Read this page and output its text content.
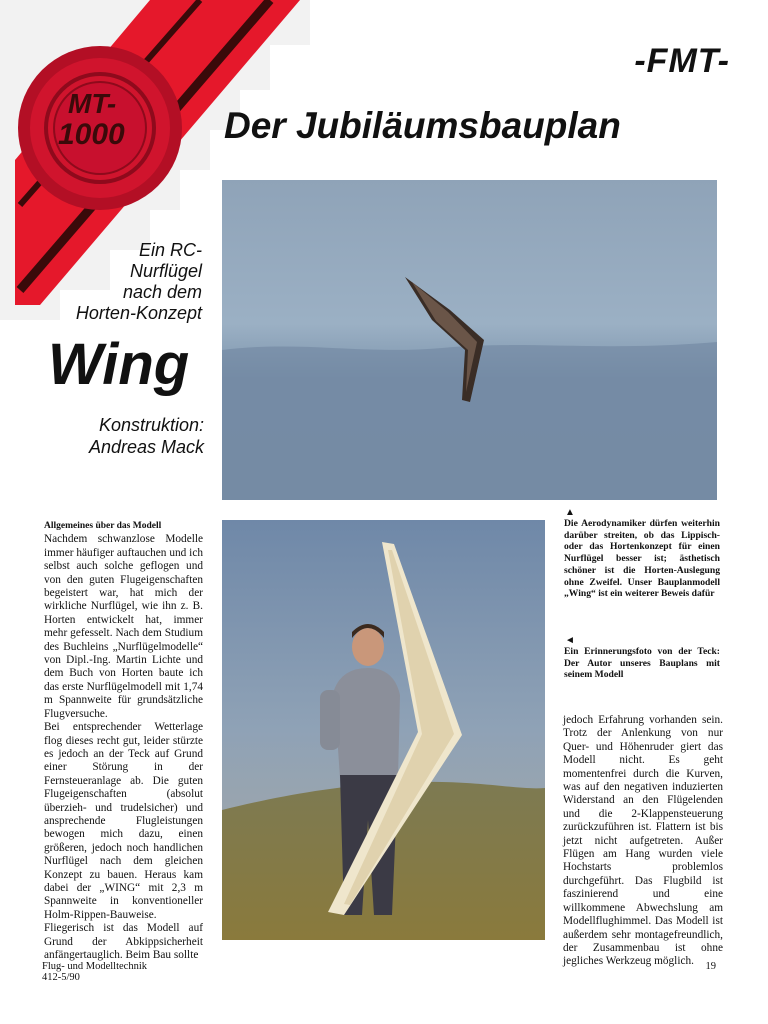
MT-
1000
-FMT-
Der Jubiläumsbauplan
Ein RC-
Nurflügel
nach dem
Horten-Konzept
Wing
Konstruktion:
Andreas Mack
Allgemeines über das Modell

Nachdem schwanzlose Modelle immer häufiger auftauchen und ich selbst auch solche geflogen und von den guten Flugeigenschaften begeistert war, hat mich der wirkliche Nurflügel, wie ihn z. B. Horten entwickelt hat, immer mehr gefesselt. Nach dem Studium des Buchleins „Nurflügelmodelle“ von Dipl.-Ing. Martin Lichte und dem Buch von Horten baute ich das erste Nurflügelmodell mit 1,74 m Spannweite für grundsätzliche Flugversuche.

Bei entsprechender Wetterlage flog dieses recht gut, leider stürzte es jedoch an der Teck auf Grund einer Störung in der Fernsteueranlage ab. Die guten Flugeigenschaften (absolut überzieh- und trudelsicher) und ansprechende Flugleistungen bewogen mich dazu, einen größeren, jedoch noch handlichen Nurflügel nach dem gleichen Konzept zu bauen. Heraus kam dabei der „WING“ mit 2,3 m Spannweite in konventioneller Holm-Rippen-Bauweise. Fliegerisch ist das Modell auf Grund der Abkippsicherheit anfängertauglich. Beim Bau sollte

▲
Die Aerodynamiker dürfen weiterhin darüber streiten, ob das Lippisch- oder das Hortenkonzept für einen Nurflügel besser ist; ästhetisch schöner ist die Horten-Auslegung ohne Zweifel. Unser Bauplanmodell „Wing“ ist ein weiterer Beweis dafür
◄
Ein Erinnerungsfoto von der Teck: Der Autor unseres Bauplans mit seinem Modell

jedoch Erfahrung vorhanden sein. Trotz der Anlenkung von nur Quer- und Höhenruder giert das Modell nicht. Es geht momentenfrei durch die Kurven, was auf den negativen induzierten Widerstand an den Flügelenden und die 2-Klappensteuerung zurückzuführen ist. Flattern ist bis jetzt nicht aufgetreten. Außer Flügen am Hang wurden viele Hochstarts problemlos durchgeführt. Das Flugbild ist faszinierend und eine willkommene Abwechslung am Modellflughimmel. Das Modell ist außerdem sehr montagefreundlich, der Zusammenbau ist ohne jegliches Werkzeug möglich.

Flug- und Modelltechnik
412-5/90
19
